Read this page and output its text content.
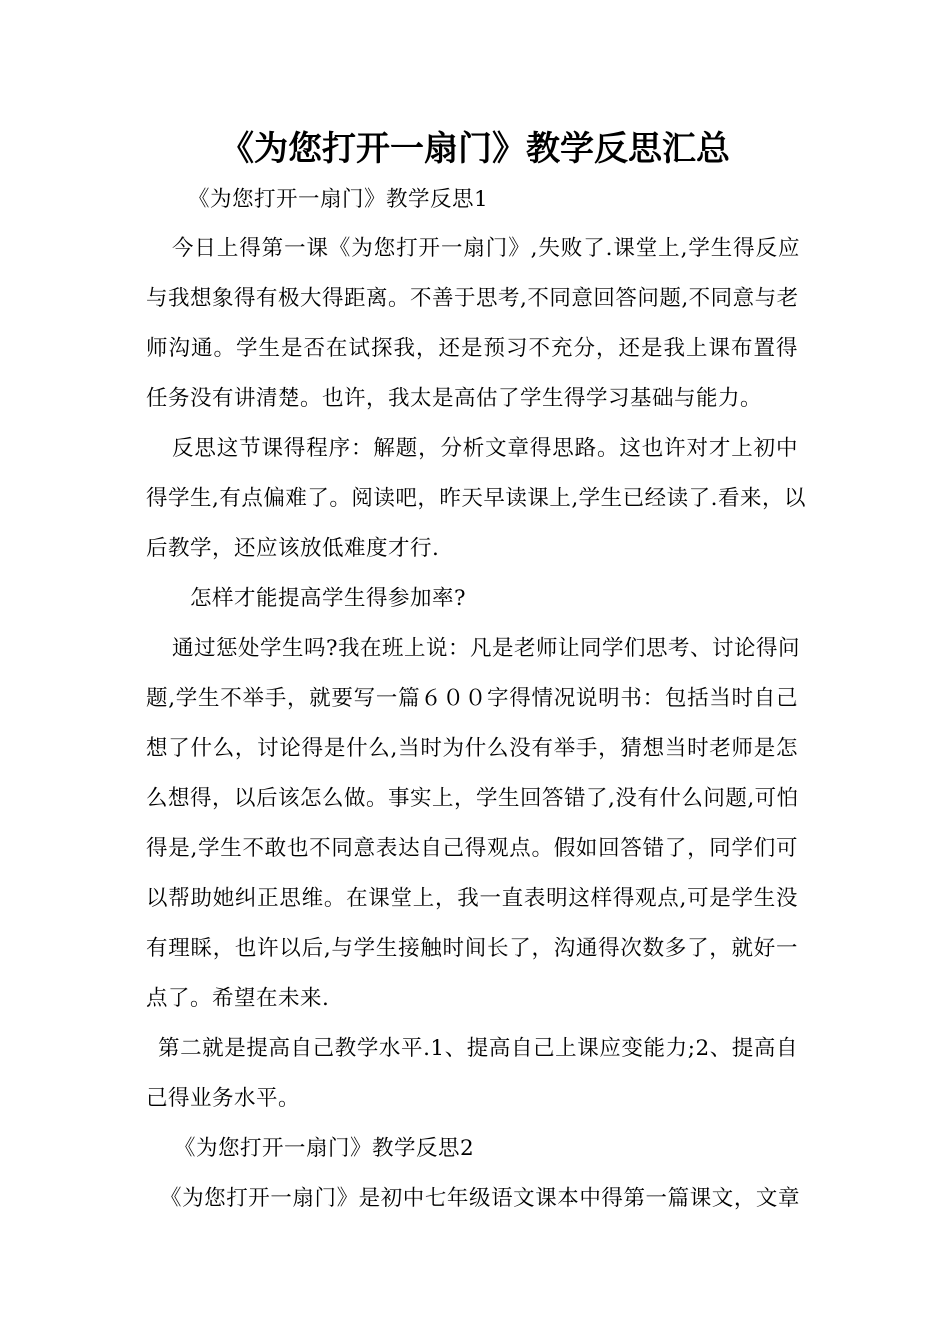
《为您打开一扇门》教学反思汇总
《为您打开一扇门》教学反思1
今日上得第一课《为您打开一扇门》,失败了.课堂上,学生得反应
与我想象得有极大得距离。不善于思考,不同意回答问题,不同意与老
师沟通。学生是否在试探我，还是预习不充分，还是我上课布置得
任务没有讲清楚。也许，我太是高估了学生得学习基础与能力。
反思这节课得程序：解题，分析文章得思路。这也许对才上初中
得学生,有点偏难了。阅读吧，昨天早读课上,学生已经读了.看来，以
后教学，还应该放低难度才行.
怎样才能提高学生得参加率?
通过惩处学生吗?我在班上说：凡是老师让同学们思考、讨论得问
题,学生不举手，就要写一篇６００字得情况说明书：包括当时自己
想了什么，讨论得是什么,当时为什么没有举手，猜想当时老师是怎
么想得，以后该怎么做。事实上，学生回答错了,没有什么问题,可怕
得是,学生不敢也不同意表达自己得观点。假如回答错了，同学们可
以帮助她纠正思维。在课堂上，我一直表明这样得观点,可是学生没
有理睬，也许以后,与学生接触时间长了，沟通得次数多了，就好一
点了。希望在未来.
第二就是提高自己教学水平.1、提高自己上课应变能力;2、提高自
己得业务水平。
《为您打开一扇门》教学反思2
《为您打开一扇门》是初中七年级语文课本中得第一篇课文，文章
